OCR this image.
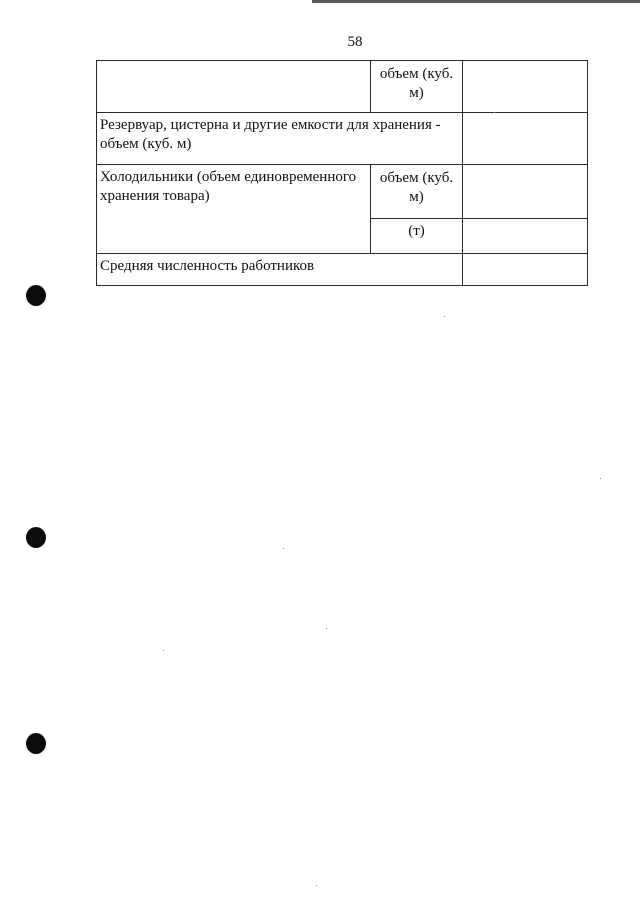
58
	объем (куб. м)	
Резервуар, цистерна и другие емкости для хранения - объем (куб. м)		
Холодильники (объем единовременного хранения товара)	объем (куб. м)	
	(т)	
Средняя численность работников		
